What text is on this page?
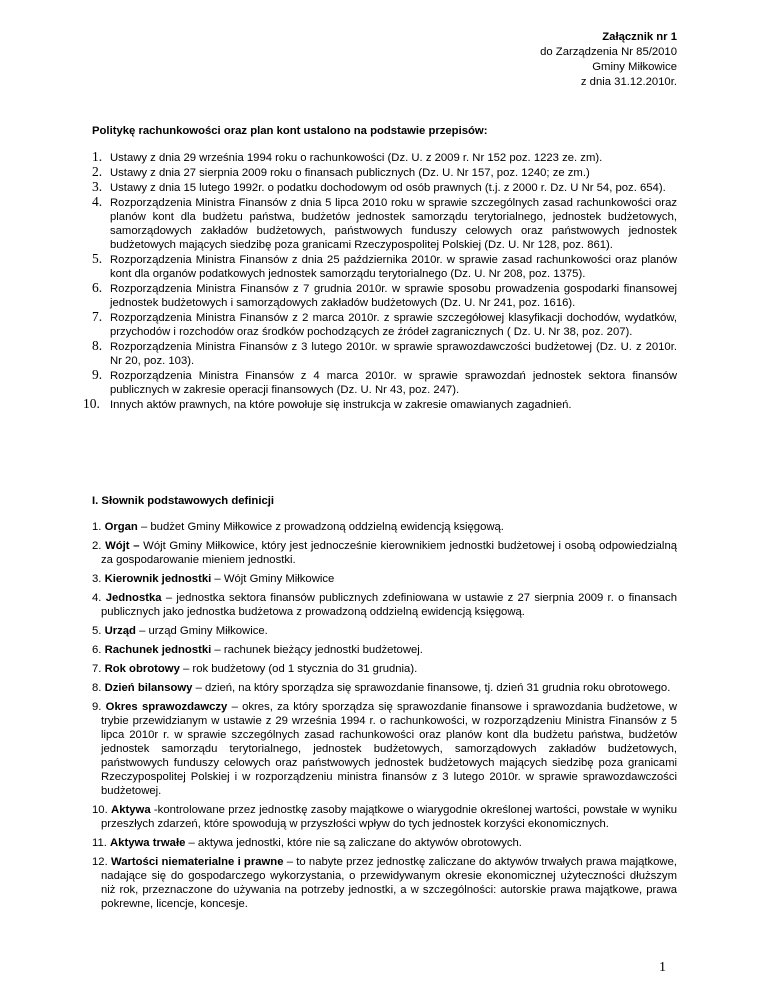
Załącznik nr 1
do Zarządzenia Nr 85/2010
Gminy Miłkowice
z dnia 31.12.2010r.
Politykę rachunkowości oraz plan kont ustalono na podstawie przepisów:
1. Ustawy z dnia 29 września 1994 roku o rachunkowości (Dz. U. z 2009 r. Nr 152 poz. 1223 ze. zm).
2. Ustawy z dnia 27 sierpnia 2009 roku o finansach publicznych (Dz. U. Nr 157, poz. 1240; ze zm.)
3. Ustawy z dnia 15 lutego 1992r. o podatku dochodowym od osób prawnych (t.j. z 2000 r. Dz. U Nr 54, poz. 654).
4. Rozporządzenia Ministra Finansów z dnia 5 lipca 2010 roku w sprawie szczególnych zasad rachunkowości oraz planów kont dla budżetu państwa, budżetów jednostek samorządu terytorialnego, jednostek budżetowych, samorządowych zakładów budżetowych, państwowych funduszy celowych oraz państwowych jednostek budżetowych mających siedzibę poza granicami Rzeczypospolitej Polskiej (Dz. U. Nr 128, poz. 861).
5. Rozporządzenia Ministra Finansów z dnia 25 października 2010r. w sprawie zasad rachunkowości oraz planów kont dla organów podatkowych jednostek samorządu terytorialnego (Dz. U. Nr 208, poz. 1375).
6. Rozporządzenia Ministra Finansów z 7 grudnia 2010r. w sprawie sposobu prowadzenia gospodarki finansowej jednostek budżetowych i samorządowych zakładów budżetowych (Dz. U. Nr 241, poz. 1616).
7. Rozporządzenia Ministra Finansów z 2 marca 2010r. z sprawie szczegółowej klasyfikacji dochodów, wydatków, przychodów i rozchodów oraz środków pochodzących ze źródeł zagranicznych ( Dz. U. Nr 38, poz. 207).
8. Rozporządzenia Ministra Finansów z 3 lutego 2010r. w sprawie sprawozdawczości budżetowej (Dz. U. z 2010r. Nr 20, poz. 103).
9. Rozporządzenia Ministra Finansów z 4 marca 2010r. w sprawie sprawozdań jednostek sektora finansów publicznych w zakresie operacji finansowych (Dz. U. Nr 43, poz. 247).
10. Innych aktów prawnych, na które powołuje się instrukcja w zakresie omawianych zagadnień.
I. Słownik podstawowych definicji
1. Organ – budżet Gminy Miłkowice z prowadzoną oddzielną ewidencją księgową.
2. Wójt – Wójt Gminy Miłkowice, który jest jednocześnie kierownikiem jednostki budżetowej i osobą odpowiedzialną za gospodarowanie mieniem jednostki.
3. Kierownik jednostki – Wójt Gminy Miłkowice
4. Jednostka – jednostka sektora finansów publicznych zdefiniowana w ustawie z 27 sierpnia 2009 r. o finansach publicznych jako jednostka budżetowa z prowadzoną oddzielną ewidencją księgową.
5. Urząd – urząd Gminy Miłkowice.
6. Rachunek jednostki – rachunek bieżący jednostki budżetowej.
7. Rok obrotowy – rok budżetowy (od 1 stycznia do 31 grudnia).
8. Dzień bilansowy – dzień, na który sporządza się sprawozdanie finansowe, tj. dzień 31 grudnia roku obrotowego.
9. Okres sprawozdawczy – okres, za który sporządza się sprawozdanie finansowe i sprawozdania budżetowe, w trybie przewidzianym w ustawie z 29 września 1994 r. o rachunkowości, w rozporządzeniu Ministra Finansów z 5 lipca 2010r r. w sprawie szczególnych zasad rachunkowości oraz planów kont dla budżetu państwa, budżetów jednostek samorządu terytorialnego, jednostek budżetowych, samorządowych zakładów budżetowych, państwowych funduszy celowych oraz państwowych jednostek budżetowych mających siedzibę poza granicami Rzeczypospolitej Polskiej i w rozporządzeniu ministra finansów z 3 lutego 2010r. w sprawie sprawozdawczości budżetowej.
10. Aktywa -kontrolowane przez jednostkę zasoby majątkowe o wiarygodnie określonej wartości, powstałe w wyniku przeszłych zdarzeń, które spowodują w przyszłości wpływ do tych jednostek korzyści ekonomicznych.
11. Aktywa trwałe – aktywa jednostki, które nie są zaliczane do aktywów obrotowych.
12. Wartości niematerialne i prawne – to nabyte przez jednostkę zaliczane do aktywów trwałych prawa majątkowe, nadające się do gospodarczego wykorzystania, o przewidywanym okresie ekonomicznej użyteczności dłuższym niż rok, przeznaczone do używania na potrzeby jednostki, a w szczególności: autorskie prawa majątkowe, prawa pokrewne, licencje, koncesje.
1
